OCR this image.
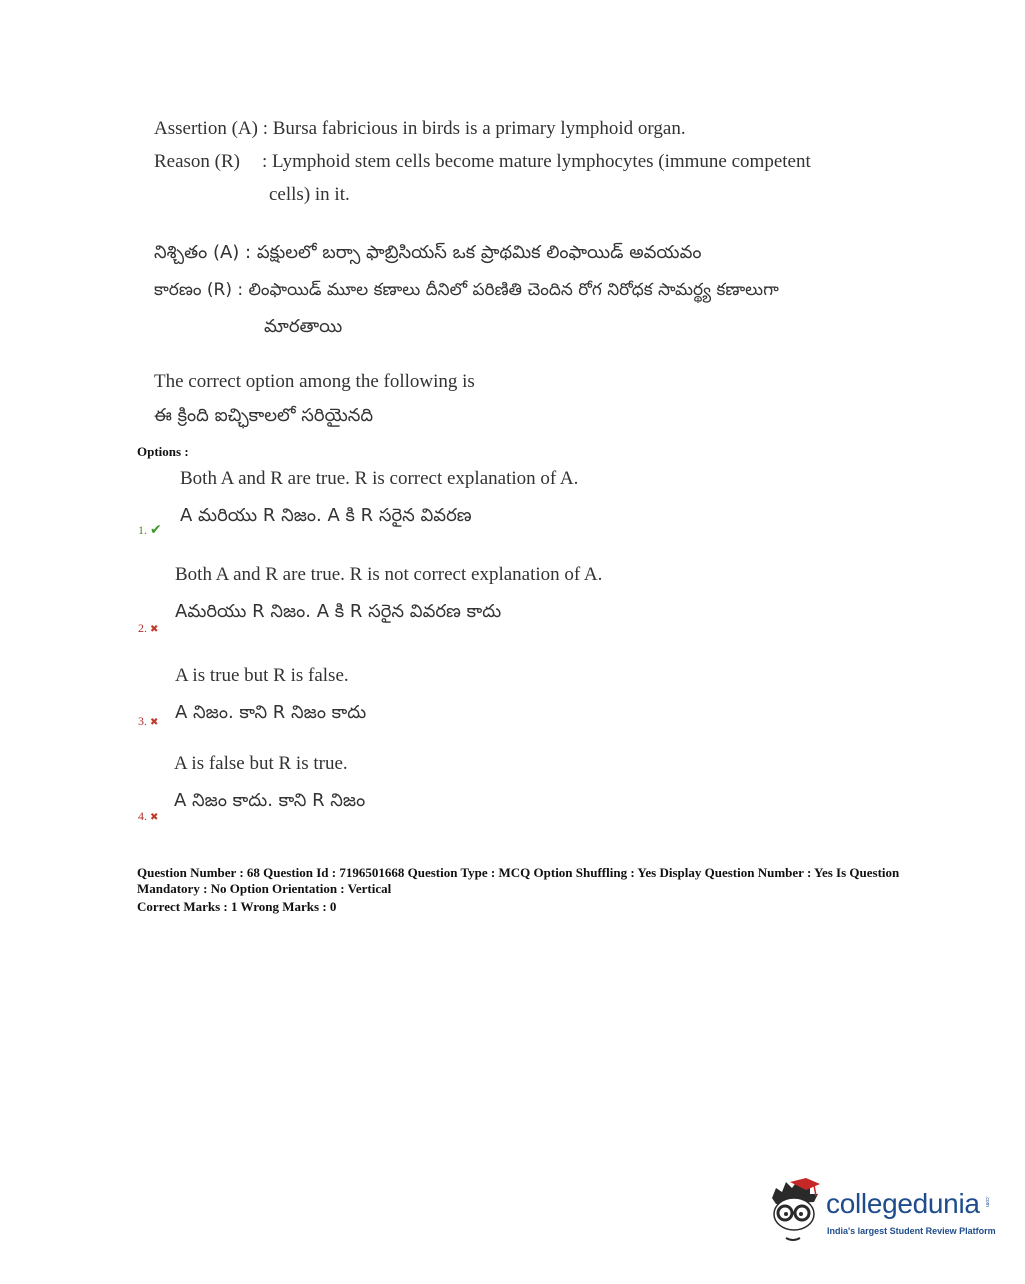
Assertion (A) : Bursa fabricious in birds is a primary lymphoid organ.
Reason (R) : Lymphoid stem cells become mature lymphocytes (immune competent
cells) in it.
నిశ్చితం (A) : పక్షులలో బర్సా ఫాబ్రిసియస్ ఒక ప్రాథమిక లింఫాయిడ్ అవయవం
కారణం (R) : లింఫాయిడ్ మూల కణాలు దీనిలో పరిణితి చెందిన రోగ నిరోధక సామర్థ్య కణాలుగా
మారతాయి
The correct option among the following is
ఈ క్రింది ఐచ్ఛికాలలో సరియైనది
Options :
Both A and R are true. R is correct explanation of A.
A మరియు R నిజం. A కి R సరైన వివరణ
1. ✔
Both A and R are true. R is not correct explanation of A.
Aమరియు R నిజం. A కి R సరైన వివరణ కాదు
2. ✖
A is true but R is false.
A నిజం. కాని R నిజం కాదు
3. ✖
A is false but R is true.
A నిజం కాదు. కాని R నిజం
4. ✖
Question Number : 68 Question Id : 7196501668 Question Type : MCQ Option Shuffling : Yes Display Question Number : Yes Is Question
Mandatory : No Option Orientation : Vertical
Correct Marks : 1 Wrong Marks : 0
collegedunia .com
India's largest Student Review Platform
